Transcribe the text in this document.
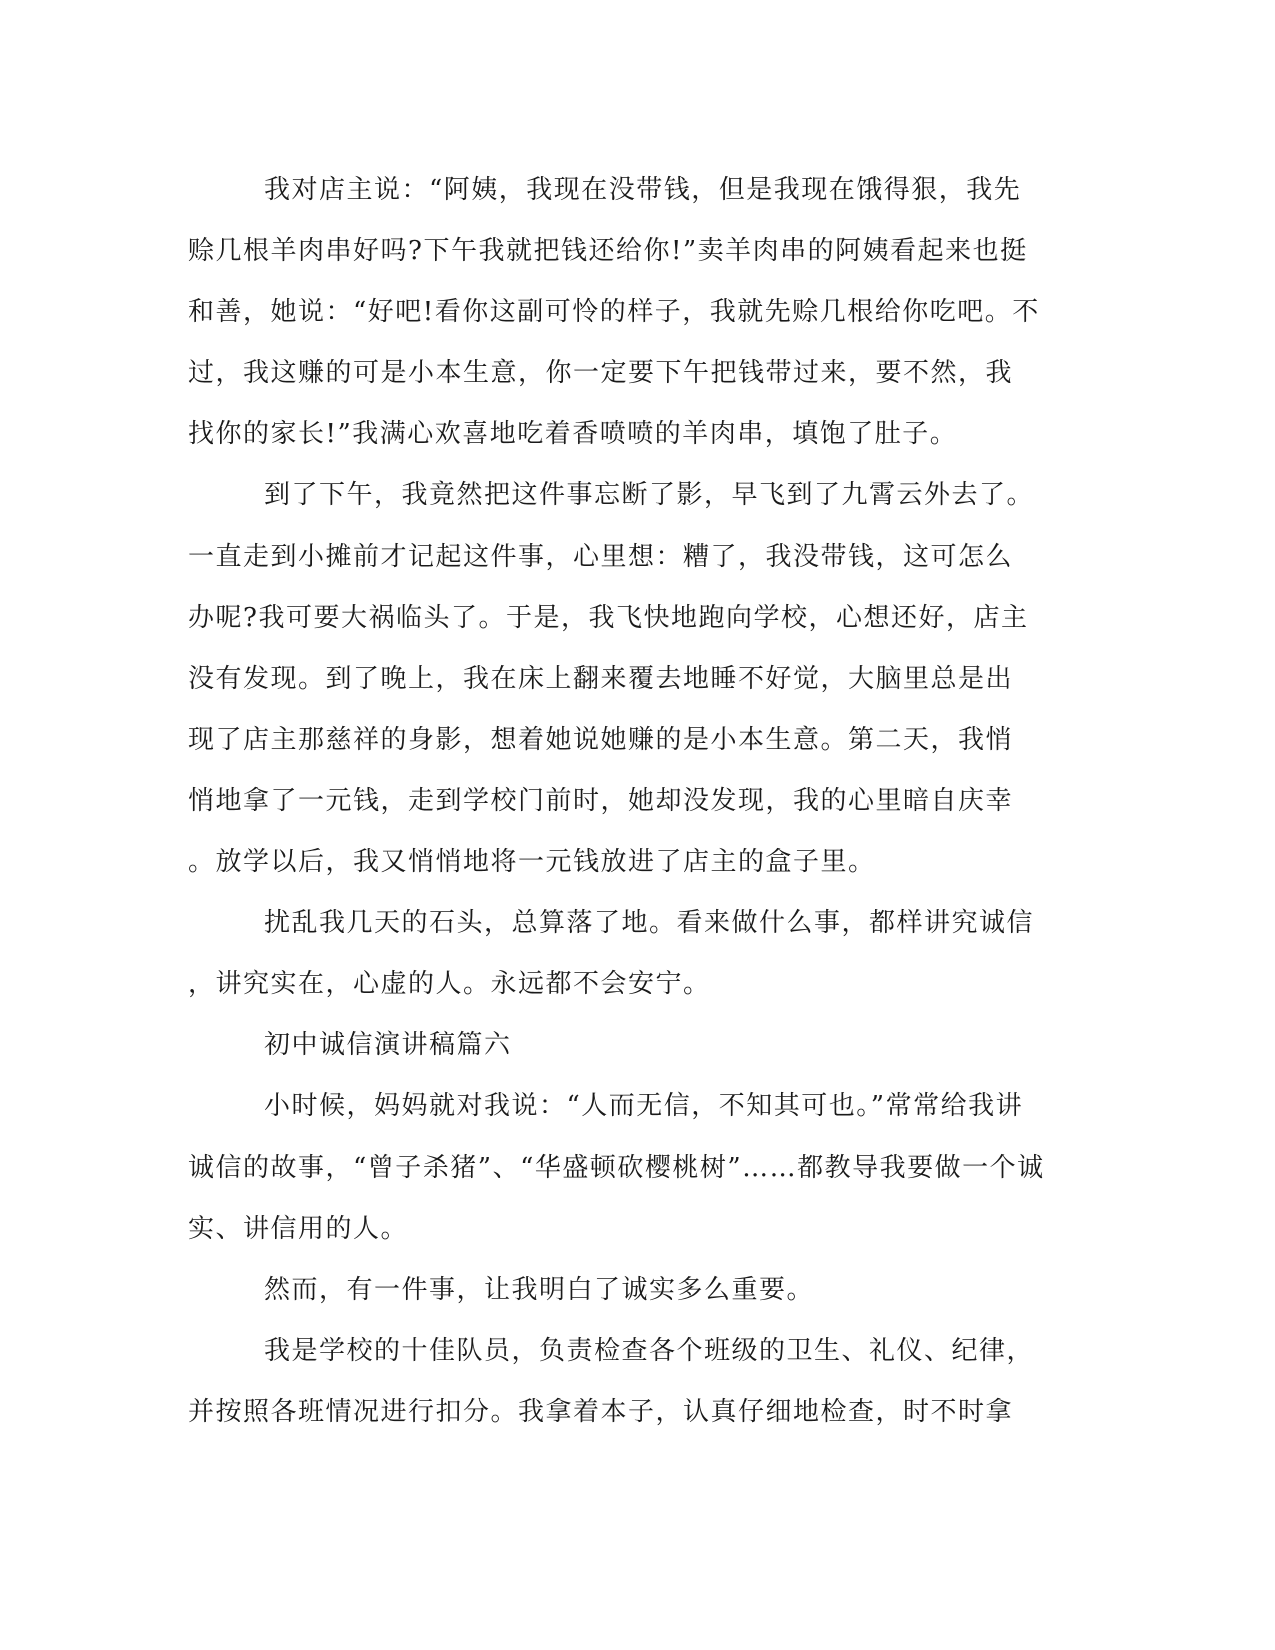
我对店主说：“阿姨，我现在没带钱，但是我现在饿得狠，我先
赊几根羊肉串好吗?下午我就把钱还给你!”卖羊肉串的阿姨看起来也挺
和善，她说：“好吧!看你这副可怜的样子，我就先赊几根给你吃吧。不
过，我这赚的可是小本生意，你一定要下午把钱带过来，要不然，我
找你的家长!”我满心欢喜地吃着香喷喷的羊肉串，填饱了肚子。
到了下午，我竟然把这件事忘断了影，早飞到了九霄云外去了。
一直走到小摊前才记起这件事，心里想：糟了，我没带钱，这可怎么
办呢?我可要大祸临头了。于是，我飞快地跑向学校，心想还好，店主
没有发现。到了晚上，我在床上翻来覆去地睡不好觉，大脑里总是出
现了店主那慈祥的身影，想着她说她赚的是小本生意。第二天，我悄
悄地拿了一元钱，走到学校门前时，她却没发现，我的心里暗自庆幸
。放学以后，我又悄悄地将一元钱放进了店主的盒子里。
扰乱我几天的石头，总算落了地。看来做什么事，都样讲究诚信
，讲究实在，心虚的人。永远都不会安宁。
初中诚信演讲稿篇六
小时候，妈妈就对我说：“人而无信，不知其可也。”常常给我讲
诚信的故事，“曾子杀猪”、“华盛顿砍樱桃树”……都教导我要做一个诚
实、讲信用的人。
然而，有一件事，让我明白了诚实多么重要。
我是学校的十佳队员，负责检查各个班级的卫生、礼仪、纪律，
并按照各班情况进行扣分。我拿着本子，认真仔细地检查，时不时拿
